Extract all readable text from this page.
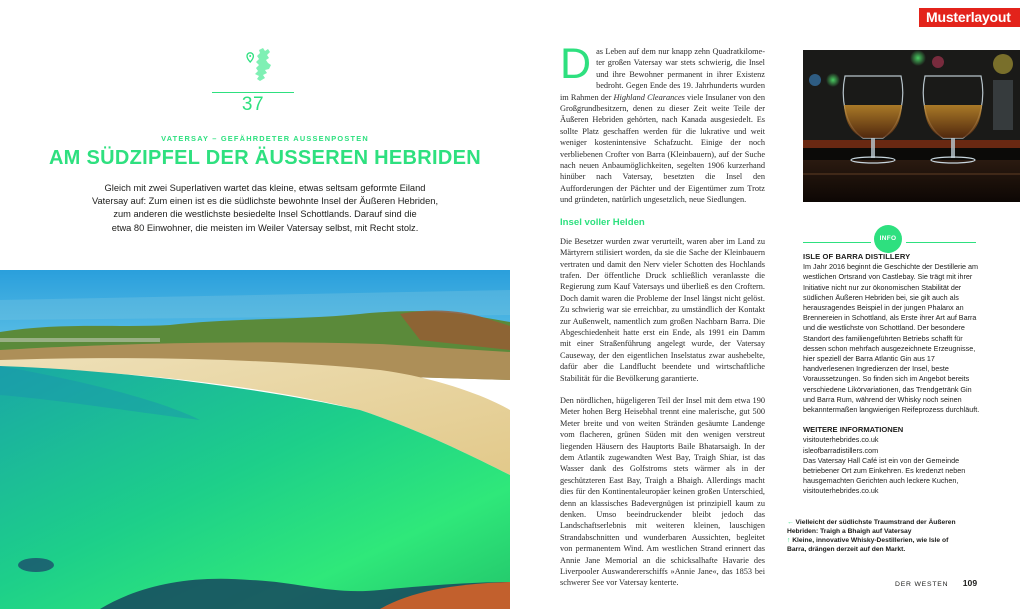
Musterlayout
37
VATERSAY – GEFÄHRDETER AUSSENPOSTEN
AM SÜDZIPFEL DER ÄUSSEREN HEBRIDEN
Gleich mit zwei Superlativen wartet das kleine, etwas seltsam geformte Eiland
Vatersay auf: Zum einen ist es die südlichste bewohnte Insel der Äußeren Hebriden,
zum anderen die westlichste besiedelte Insel Schottlands. Darauf sind die
etwa 80 Einwohner, die meisten im Weiler Vatersay selbst, mit Recht stolz.

Das Leben auf dem nur knapp zehn Quadratkilome-ter großen Vatersay war stets schwierig, die Insel und ihre Bewohner permanent in ihrer Existenz bedroht. Gegen Ende des 19. Jahrhunderts wurden im Rahmen der Highland Clearances viele Insulaner von den Großgrundbesitzern, denen zu dieser Zeit weite Teile der Äußeren Hebriden gehörten, nach Kanada ausgesiedelt. Es sollte Platz geschaffen werden für die lukrative und weit weniger kostenintensive Schafzucht. Einige der noch verbliebenen Crofter von Barra (Kleinbauern), auf der Suche nach neuen Anbaumöglichkeiten, segelten 1906 kurzerhand hinüber nach Vatersay, besetzten die Insel den Aufforderungen der Pächter und der Eigentümer zum Trotz und gründeten, natürlich ungesetzlich, neue Siedlungen.

Insel voller Helden

Die Besetzer wurden zwar verurteilt, waren aber im Land zu Märtyrern stilisiert worden, da sie die Sache der Kleinbauern vertraten und damit den Nerv vieler Schotten des Hochlands trafen. Der öffentliche Druck schließlich veranlasste die Regierung zum Kauf Vatersays und überließ es den Croftern. Doch damit waren die Probleme der Insel längst nicht gelöst. Zu schwierig war sie erreichbar, zu umständlich der Kontakt zur Außenwelt, namentlich zum großen Nachbarn Barra. Die Abgeschiedenheit hatte erst ein Ende, als 1991 ein Damm mit einer Straßenführung angelegt wurde, der Vatersay Causeway, der den eigentlichen Inselstatus zwar aushebelte, dafür aber die Landflucht beendete und wirtschaftliche Stabilität für die Bevölkerung garantierte.

Den nördlichen, hügeligeren Teil der Insel mit dem etwa 190 Meter hohen Berg Heisebhal trennt eine malerische, gut 500 Meter breite und von weiten Stränden gesäumte Landenge vom flacheren, grünen Süden mit den wenigen verstreut liegenden Häusern des Hauptorts Baile Bhatarsaigh. In der dem Atlantik zugewandten West Bay, Traigh Shiar, ist das Wasser dank des Golfstroms stets wärmer als in der geschützteren East Bay, Traigh a Bhaigh. Allerdings macht dies für den Kontinentaleuropäer keinen großen Unterschied, denn an klassisches Badevergnügen ist prinzipiell kaum zu denken. Umso beeindruckender bleibt jedoch das Landschaftserlebnis mit weiteren kleinen, lauschigen Strandabschnitten und wunderbaren Aussichten, begleitet von permanentem Wind. Am westlichen Strand erinnert das Annie Jane Memorial an die schicksalhafte Havarie des Liverpooler Auswandererschiffs »Annie Jane«, das 1853 bei schwerer See vor Vatersay kenterte.

INFO
ISLE OF BARRA DISTILLERY

Im Jahr 2016 beginnt die Geschichte der Destillerie am westlichen Ortsrand von Castlebay. Sie trägt mit ihrer Initiative nicht nur zur ökonomischen Stabilität der südlichen Äußeren Hebriden bei, sie gilt auch als herausragendes Beispiel in der jungen Phalanx an Brennereien in Schottland, als Erste ihrer Art auf Barra und die westlichste von Schottland. Der besondere Standort des familiengeführten Betriebs schafft für dessen schon mehrfach ausgezeichnete Erzeugnisse, hier speziell der Barra Atlantic Gin aus 17 handverlesenen Ingredienzen der Insel, beste Voraussetzungen. So finden sich im Angebot bereits verschiedene Likörvariationen, das Trendgetränk Gin und Barra Rum, während der Whisky noch seinen bekanntermaßen langwierigen Reifeprozess durchläuft.

WEITERE INFORMATIONEN
visitouterhebrides.co.uk
isleofbarradistillers.com
Das Vatersay Hall Café ist ein von der Gemeinde betriebener Ort zum Einkehren. Es kredenzt neben hausgemachten Gerichten auch leckere Kuchen,
visitouterhebrides.co.uk
← Vielleicht der südlichste Traumstrand der Äußeren Hebriden: Traigh a Bhaigh auf Vatersay
↑ Kleine, innovative Whisky-Destillerien, wie Isle of Barra, drängen derzeit auf den Markt.
DER WESTEN 109
